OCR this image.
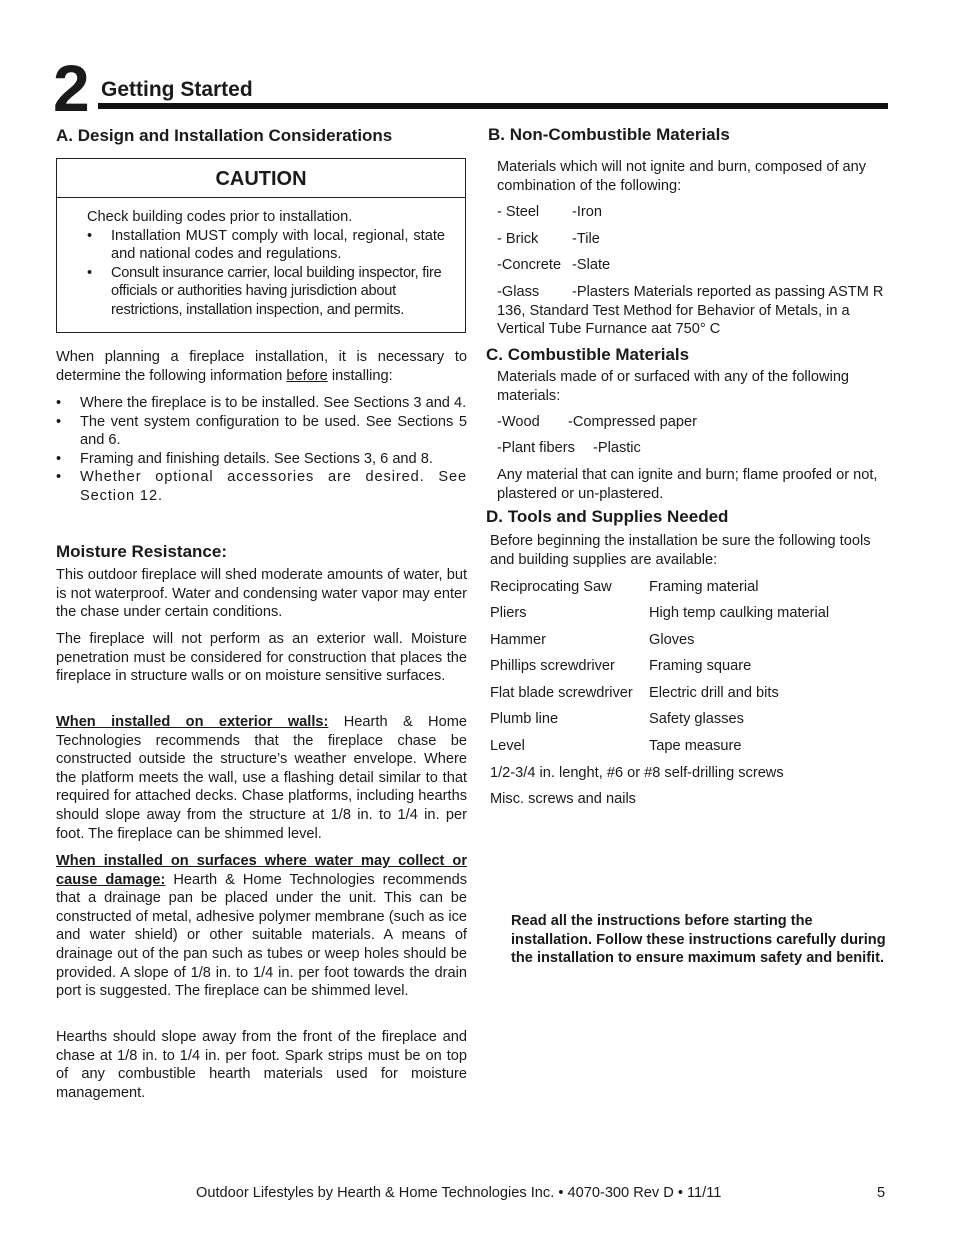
2 Getting Started
A. Design and Installation Considerations
CAUTION

Check building codes prior to installation.

• Installation MUST comply with local, regional, state and national codes and regulations.
• Consult insurance carrier, local building inspector, fire officials or authorities having jurisdiction about restrictions, installation inspection, and permits.

When planning a fireplace installation, it is necessary to determine the following information before installing:

• Where the fireplace is to be installed. See Sections 3 and 4.
• The vent system configuration to be used. See Sections 5 and 6.
• Framing and finishing details. See Sections 3, 6 and 8.
• Whether optional accessories are desired. See Section 12.
Moisture Resistance:

This outdoor fireplace will shed moderate amounts of water, but is not waterproof. Water and condensing water vapor may enter the chase under certain conditions.

The fireplace will not perform as an exterior wall. Moisture penetration must be considered for construction that places the fireplace in structure walls or on moisture sensitive surfaces.

When installed on exterior walls: Hearth & Home Technologies recommends that the fireplace chase be constructed outside the structure’s weather envelope. Where the platform meets the wall, use a flashing detail similar to that required for attached decks. Chase platforms, including hearths should slope away from the structure at 1/8 in. to 1/4 in. per foot. The fireplace can be shimmed level.

When installed on surfaces where water may collect or cause damage: Hearth & Home Technologies recommends that a drainage pan be placed under the unit. This can be constructed of metal, adhesive polymer membrane (such as ice and water shield) or other suitable materials. A means of drainage out of the pan such as tubes or weep holes should be provided. A slope of 1/8 in. to 1/4 in. per foot towards the drain port is suggested. The fireplace can be shimmed level.

Hearths should slope away from the front of the fireplace and chase at 1/8 in. to 1/4 in. per foot. Spark strips must be on top of any combustible hearth materials used for moisture management.

B. Non-Combustible Materials

Materials which will not ignite and burn, composed of any combination of the following:

- Steel -Iron
- Brick -Tile
-Concrete -Slate
-Glass	-Plasters Materials reported as passing ASTM R 136, Standard Test Method for Behavior of Metals, in a Vertical Tube Furnance aat 750° C

C. Combustible Materials

Materials made of or surfaced with any of the following materials:

-Wood -Compressed paper
-Plant fibers -Plastic

Any material that can ignite and burn; flame proofed or not, plastered or un-plastered.

D. Tools and Supplies Needed

Before beginning the installation be sure the following tools and building supplies are available:

Reciprocating Saw	Framing material
Pliers	High temp caulking material
Hammer	Gloves
Phillips screwdriver Framing square
Flat blade screwdriver Electric drill and bits
Plumb line	Safety glasses
Level	Tape measure
1/2-3/4 in. lenght, #6 or #8 self-drilling screws
Misc. screws and nails

Read all the instructions before starting the installation. Follow these instructions carefully during the installation to ensure maximum safety and benifit.

Outdoor Lifestyles by Hearth & Home Technologies Inc. • 4070-300 Rev D • 11/11	5
